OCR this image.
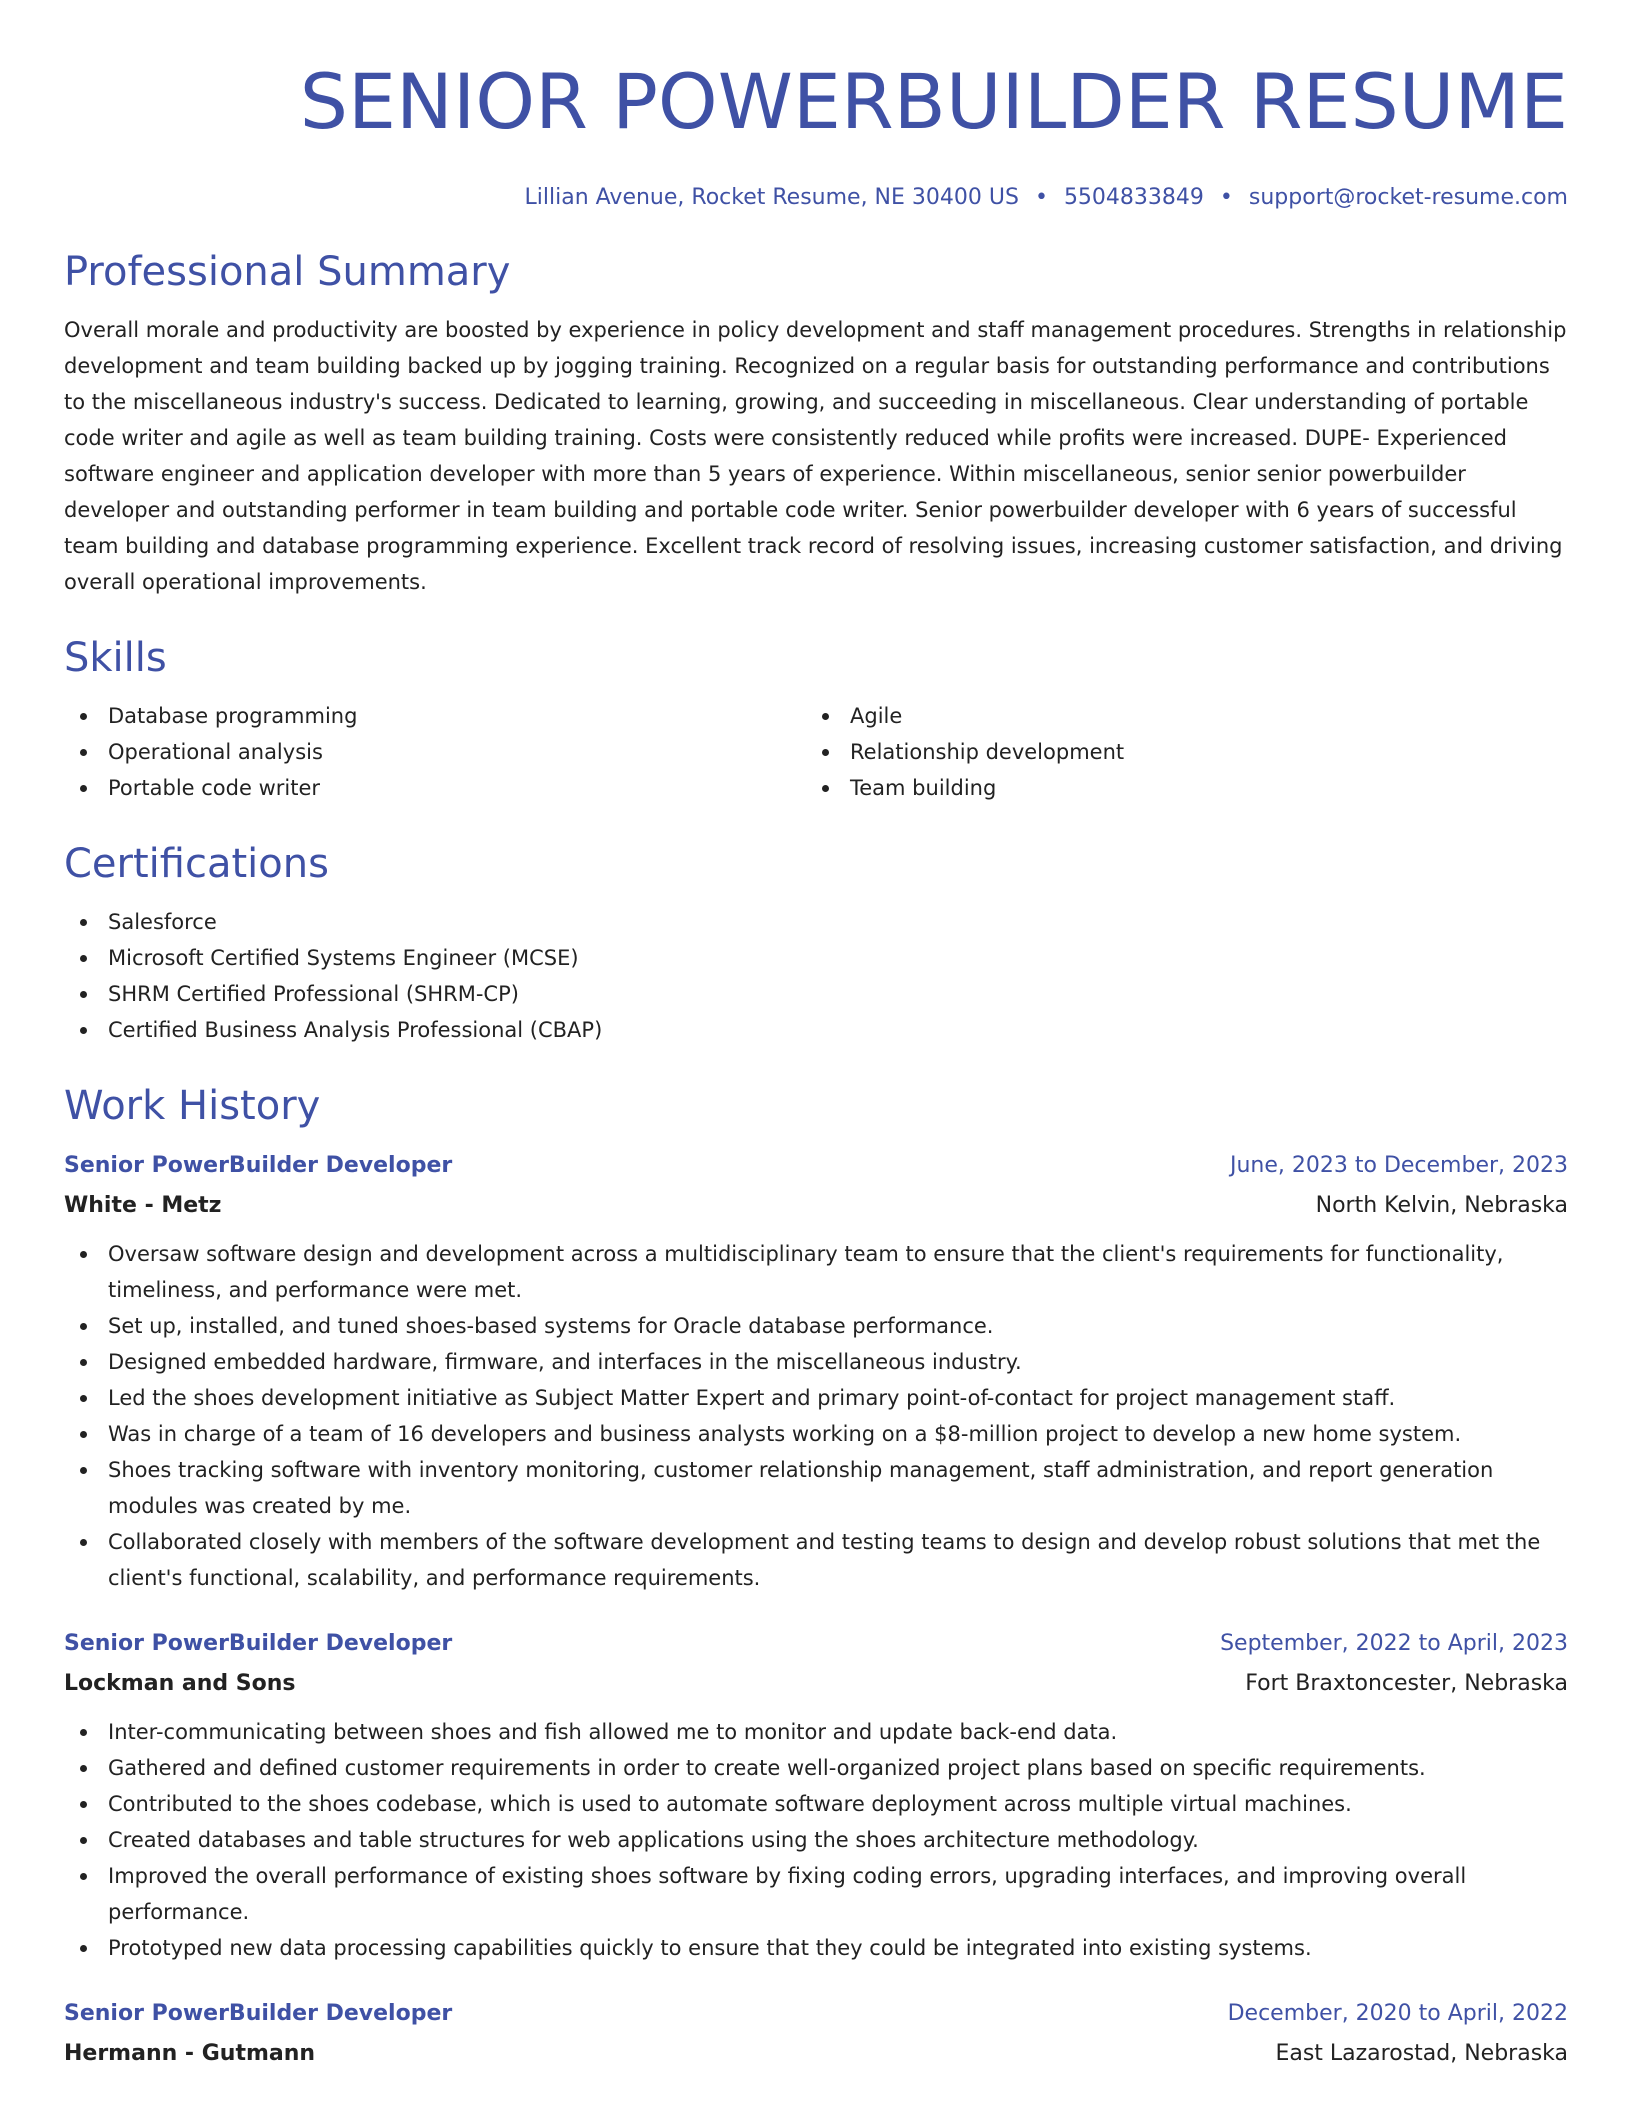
SENIOR POWERBUILDER RESUME
Lillian Avenue, Rocket Resume, NE 30400 US • 5504833849 • support@rocket-resume.com
Professional Summary

Overall morale and productivity are boosted by experience in policy development and staff management procedures. Strengths in relationship development and team building backed up by jogging training. Recognized on a regular basis for outstanding performance and contributions to the miscellaneous industry's success. Dedicated to learning, growing, and succeeding in miscellaneous. Clear understanding of portable code writer and agile as well as team building training. Costs were consistently reduced while profits were increased. DUPE- Experienced software engineer and application developer with more than 5 years of experience. Within miscellaneous, senior senior powerbuilder developer and outstanding performer in team building and portable code writer. Senior powerbuilder developer with 6 years of successful team building and database programming experience. Excellent track record of resolving issues, increasing customer satisfaction, and driving overall operational improvements.

Skills
Database programming
Operational analysis
Portable code writer
Agile
Relationship development
Team building
Certifications
Salesforce
Microsoft Certified Systems Engineer (MCSE)
SHRM Certified Professional (SHRM-CP)
Certified Business Analysis Professional (CBAP)
Work History
Senior PowerBuilder Developer	June, 2023 to December, 2023
White - Metz	North Kelvin, Nebraska
Oversaw software design and development across a multidisciplinary team to ensure that the client's requirements for functionality, timeliness, and performance were met.
Set up, installed, and tuned shoes-based systems for Oracle database performance.
Designed embedded hardware, firmware, and interfaces in the miscellaneous industry.
Led the shoes development initiative as Subject Matter Expert and primary point-of-contact for project management staff.
Was in charge of a team of 16 developers and business analysts working on a $8-million project to develop a new home system.
Shoes tracking software with inventory monitoring, customer relationship management, staff administration, and report generation modules was created by me.
Collaborated closely with members of the software development and testing teams to design and develop robust solutions that met the client's functional, scalability, and performance requirements.
Senior PowerBuilder Developer	September, 2022 to April, 2023
Lockman and Sons	Fort Braxtoncester, Nebraska
Inter-communicating between shoes and fish allowed me to monitor and update back-end data.
Gathered and defined customer requirements in order to create well-organized project plans based on specific requirements.
Contributed to the shoes codebase, which is used to automate software deployment across multiple virtual machines.
Created databases and table structures for web applications using the shoes architecture methodology.
Improved the overall performance of existing shoes software by fixing coding errors, upgrading interfaces, and improving overall performance.
Prototyped new data processing capabilities quickly to ensure that they could be integrated into existing systems.
Senior PowerBuilder Developer	December, 2020 to April, 2022
Hermann - Gutmann	East Lazarostad, Nebraska
